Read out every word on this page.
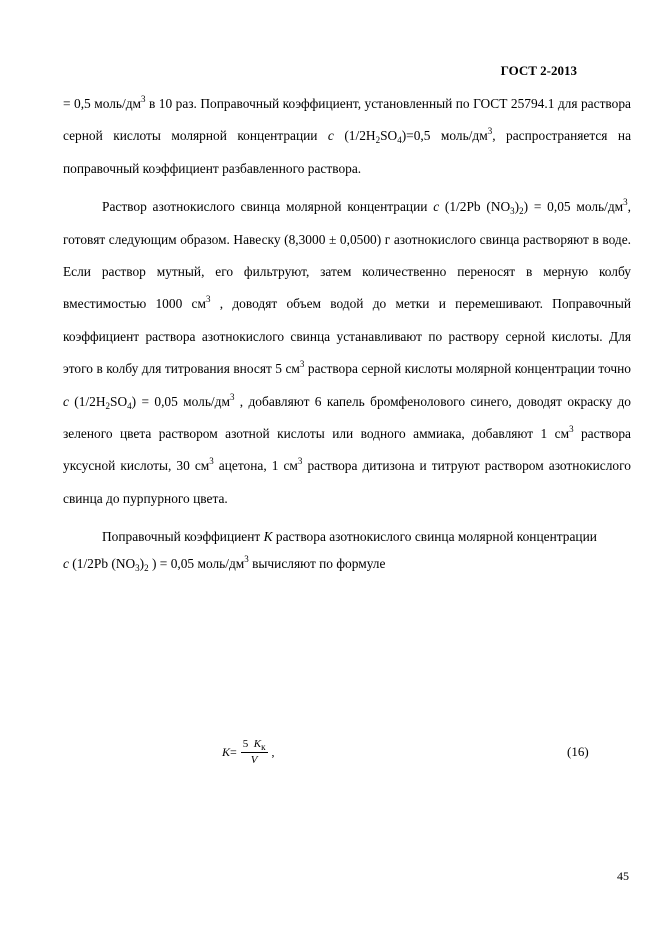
ГОСТ 2-2013

= 0,5 моль/$дм^3$ в 10 раз. Поправочный коэффициент, установленный по ГОСТ 25794.1 для раствора серной кислоты молярной концентрации c $(1/2H_2SO_4)=0,5$ моль/$дм^3$, распространяется на поправочный коэффициент разбавленного раствора.

Раствор азотнокислого свинца молярной концентрации c (1/2Pb $(NO_3)_2) = 0,05$ моль/$дм^3$, готовят следующим образом. Навеску (8,3000 ± 0,0500) г азотнокислого свинца растворяют в воде. Если раствор мутный, его фильтруют, затем количественно переносят в мерную колбу вместимостью 1000 $см^3$ , доводят объем водой до метки и перемешивают. Поправочный коэффициент раствора азотнокислого свинца устанавливают по раствору серной кислоты. Для этого в колбу для титрования вносят 5 $см^3$ раствора серной кислоты молярной концентрации точно c $(1/2H_2SO_4) = 0,05$ моль/$дм^3$ , добавляют 6 капель бромфенолового синего, доводят окраску до зеленого цвета раствором азотной кислоты или водного аммиака, добавляют 1 $см^3$ раствора уксусной кислоты, 30 $см^3$ ацетона, 1 $см^3$ раствора дитизона и титруют раствором азотнокислого свинца до пурпурного цвета.

Поправочный коэффициент K раствора азотнокислого свинца молярной концентрации

c (1/2Pb $(NO_3)_2$ ) = 0,05 моль/$дм^3$ вычисляют по формуле

$K = \frac{5 K_к}{V}$ ,	(16)
45
